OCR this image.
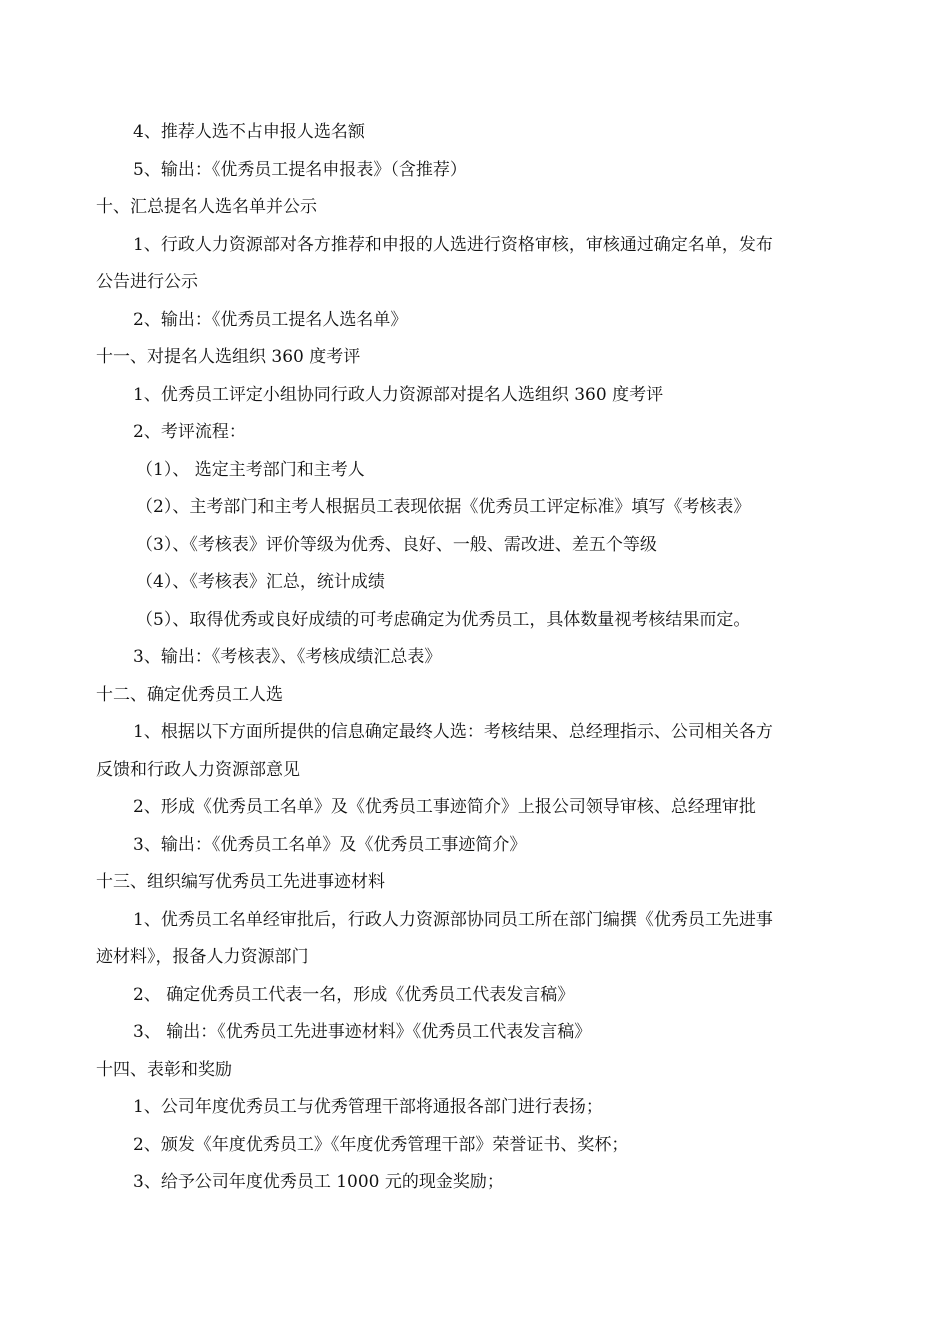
4、推荐人选不占申报人选名额
5、输出：《优秀员工提名申报表》（含推荐）
十、汇总提名人选名单并公示
1、行政人力资源部对各方推荐和申报的人选进行资格审核，审核通过确定名单，发布
公告进行公示
2、输出：《优秀员工提名人选名单》
十一、对提名人选组织 360 度考评
1、优秀员工评定小组协同行政人力资源部对提名人选组织 360 度考评
2、考评流程：
（1）、 选定主考部门和主考人
（2）、主考部门和主考人根据员工表现依据《优秀员工评定标准》填写《考核表》
（3）、《考核表》评价等级为优秀、良好、一般、需改进、差五个等级
（4）、《考核表》汇总，统计成绩
（5）、取得优秀或良好成绩的可考虑确定为优秀员工，具体数量视考核结果而定。
3、输出：《考核表》、《考核成绩汇总表》
十二、确定优秀员工人选
1、根据以下方面所提供的信息确定最终人选：考核结果、总经理指示、公司相关各方
反馈和行政人力资源部意见
2、形成《优秀员工名单》及《优秀员工事迹简介》上报公司领导审核、总经理审批
3、输出：《优秀员工名单》及《优秀员工事迹简介》
十三、组织编写优秀员工先进事迹材料
1、优秀员工名单经审批后，行政人力资源部协同员工所在部门编撰《优秀员工先进事
迹材料》，报备人力资源部门
2、 确定优秀员工代表一名，形成《优秀员工代表发言稿》
3、 输出：《优秀员工先进事迹材料》《优秀员工代表发言稿》
十四、表彰和奖励
1、公司年度优秀员工与优秀管理干部将通报各部门进行表扬；
2、颁发《年度优秀员工》《年度优秀管理干部》荣誉证书、奖杯；
3、给予公司年度优秀员工 1000 元的现金奖励；
